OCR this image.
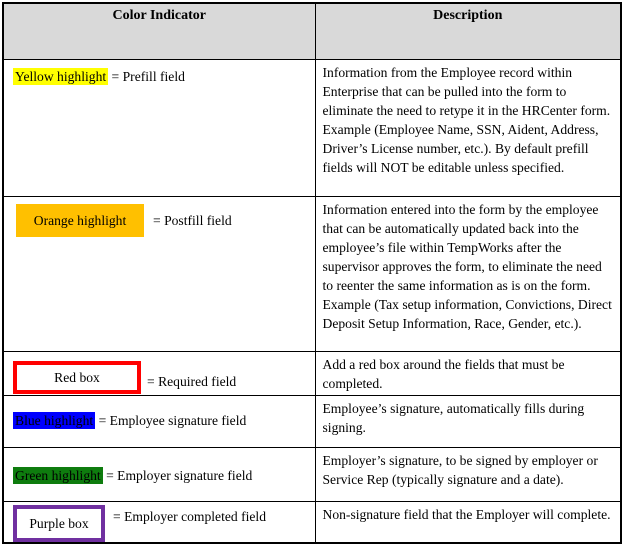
Color Indicator	Description

Yellow highlight = Prefill field	Information from the Employee record within Enterprise that can be pulled into the form to eliminate the need to retype it in the HRCenter form. Example (Employee Name, SSN, Aident, Address, Driver’s License number, etc.). By default prefill fields will NOT be editable unless specified.

Orange highlight = Postfill field	Information entered into the form by the employee that can be automatically updated back into the employee’s file within TempWorks after the supervisor approves the form, to eliminate the need to reenter the same information as is on the form. Example (Tax setup information, Convictions, Direct Deposit Setup Information, Race, Gender, etc.).

Red box = Required field	Add a red box around the fields that must be completed.

Blue highlight = Employee signature field	Employee’s signature, automatically fills during signing.

Green highlight = Employer signature field	Employer’s signature, to be signed by employer or Service Rep (typically signature and a date).

Purple box = Employer completed field	Non-signature field that the Employer will complete.
